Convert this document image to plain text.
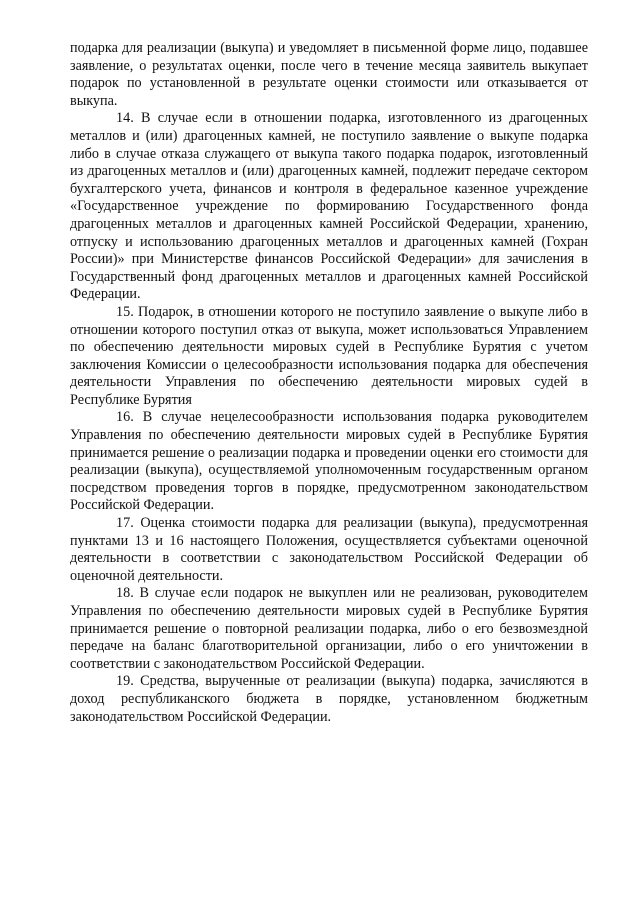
подарка для реализации (выкупа) и уведомляет в письменной форме лицо, подавшее заявление, о результатах оценки, после чего в течение месяца заявитель выкупает подарок по установленной в результате оценки стоимости или отказывается от выкупа.

14. В случае если в отношении подарка, изготовленного из драгоценных металлов и (или) драгоценных камней, не поступило заявление о выкупе подарка либо в случае отказа служащего от выкупа такого подарка подарок, изготовленный из драгоценных металлов и (или) драгоценных камней, подлежит передаче сектором бухгалтерского учета, финансов и контроля в федеральное казенное учреждение «Государственное учреждение по формированию Государственного фонда драгоценных металлов и драгоценных камней Российской Федерации, хранению, отпуску и использованию драгоценных металлов и драгоценных камней (Гохран России)» при Министерстве финансов Российской Федерации» для зачисления в Государственный фонд драгоценных металлов и драгоценных камней Российской Федерации.

15. Подарок, в отношении которого не поступило заявление о выкупе либо в отношении которого поступил отказ от выкупа, может использоваться Управлением по обеспечению деятельности мировых судей в Республике Бурятия с учетом заключения Комиссии о целесообразности использования подарка для обеспечения деятельности Управления по обеспечению деятельности мировых судей в Республике Бурятия

16. В случае нецелесообразности использования подарка руководителем Управления по обеспечению деятельности мировых судей в Республике Бурятия принимается решение о реализации подарка и проведении оценки его стоимости для реализации (выкупа), осуществляемой уполномоченным государственным органом посредством проведения торгов в порядке, предусмотренном законодательством Российской Федерации.

17. Оценка стоимости подарка для реализации (выкупа), предусмотренная пунктами 13 и 16 настоящего Положения, осуществляется субъектами оценочной деятельности в соответствии с законодательством Российской Федерации об оценочной деятельности.

18. В случае если подарок не выкуплен или не реализован, руководителем Управления по обеспечению деятельности мировых судей в Республике Бурятия принимается решение о повторной реализации подарка, либо о его безвозмездной передаче на баланс благотворительной организации, либо о его уничтожении в соответствии с законодательством Российской Федерации.

19. Средства, вырученные от реализации (выкупа) подарка, зачисляются в доход республиканского бюджета в порядке, установленном бюджетным законодательством Российской Федерации.
